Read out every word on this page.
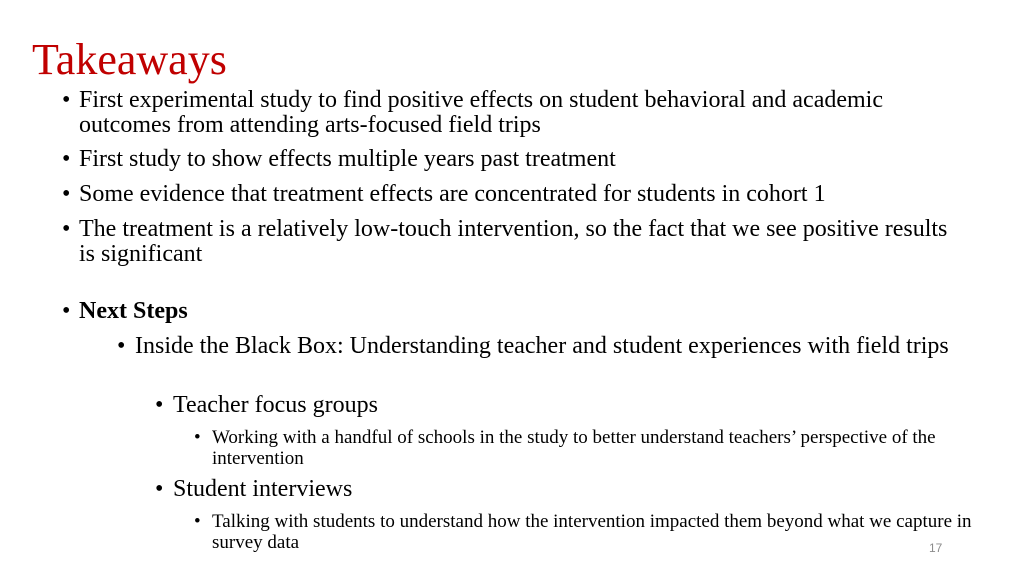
Takeaways
• First experimental study to find positive effects on student behavioral and academic outcomes from attending arts-focused field trips
• First study to show effects multiple years past treatment
• Some evidence that treatment effects are concentrated for students in cohort 1
• The treatment is a relatively low-touch intervention, so the fact that we see positive results is significant
• Next Steps
• Inside the Black Box: Understanding teacher and student experiences with field trips
• Teacher focus groups
• Working with a handful of schools in the study to better understand teachers’ perspective of the intervention
• Student interviews
• Talking with students to understand how the intervention impacted them beyond what we capture in survey data	17
